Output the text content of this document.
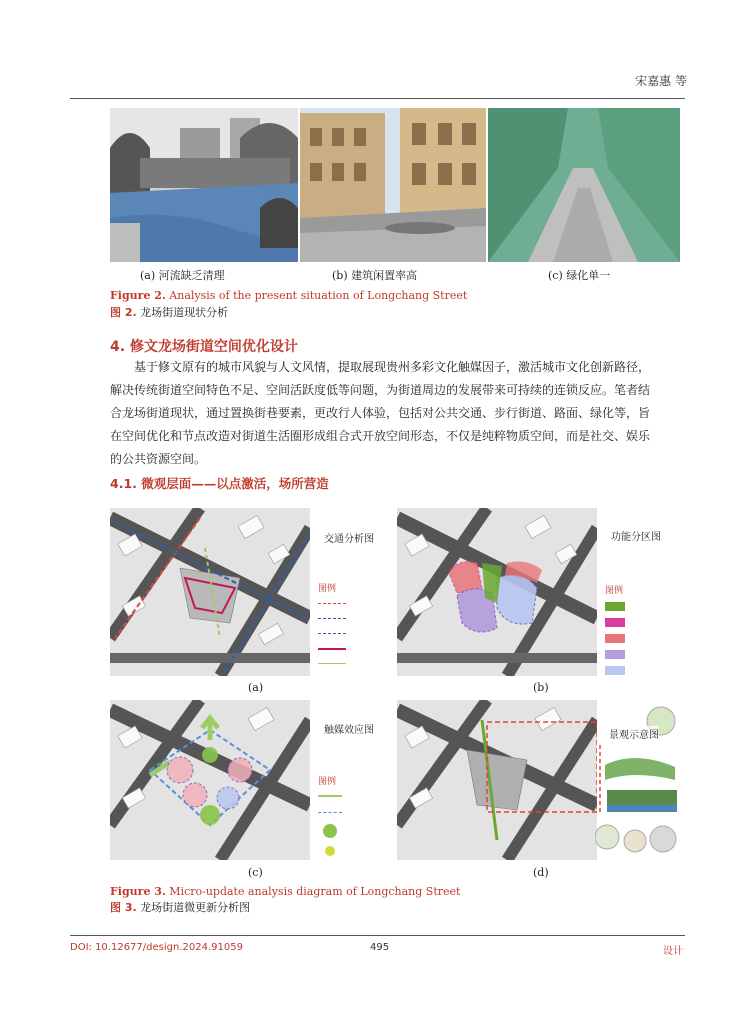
宋嘉惠 等
(a) 河流缺乏清理	(b) 建筑闲置率高	(c) 绿化单一
Figure 2. Analysis of the present situation of Longchang Street
图 2. 龙场街道现状分析
4. 修文龙场街道空间优化设计
基于修文原有的城市风貌与人文风情，提取展现贵州多彩文化触媒因子，激活城市文化创新路径，
解决传统街道空间特色不足、空间活跃度低等问题，为街道周边的发展带来可持续的连锁反应。笔者结
合龙场街道现状，通过置换街巷要素，更改行人体验，包括对公共交通、步行街道、路面、绿化等，旨
在空间优化和节点改造对街道生活圈形成组合式开放空间形态，不仅是纯粹物质空间，而是社交、娱乐
的公共资源空间。
4.1. 微观层面——以点激活，场所营造
交通分析图
图例
(a)
功能分区图
图例
(b)
触媒效应图
图例
(c)
景观示意图
(d)
Figure 3. Micro-update analysis diagram of Longchang Street
图 3. 龙场街道微更新分析图
DOI: 10.12677/design.2024.91059	495	设计
